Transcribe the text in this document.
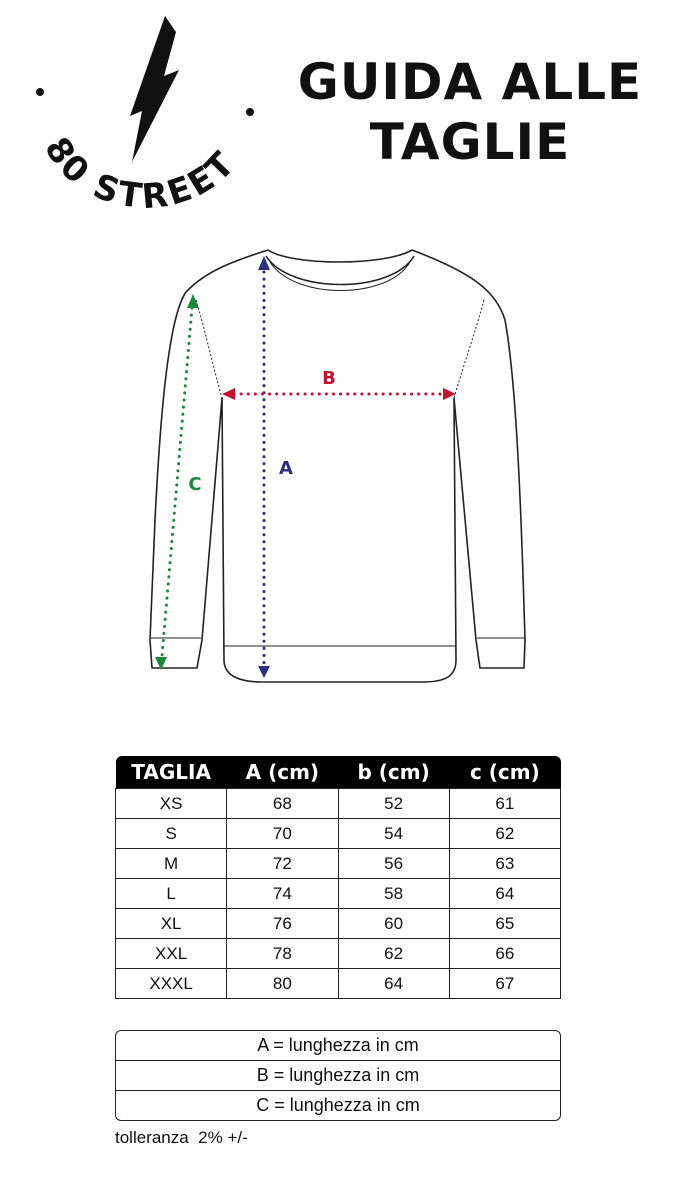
80 STREET
GUIDA ALLE
TAGLIE
A
B
C
TAGLIA	A (cm)	b (cm)	c (cm)
XS	68	52	61
S	70	54	62
M	72	56	63
L	74	58	64
XL	76	60	65
XXL	78	62	66
XXXL	80	64	67
A = lunghezza in cm
B = lunghezza in cm
C = lunghezza in cm
tolleranza  2% +/-
